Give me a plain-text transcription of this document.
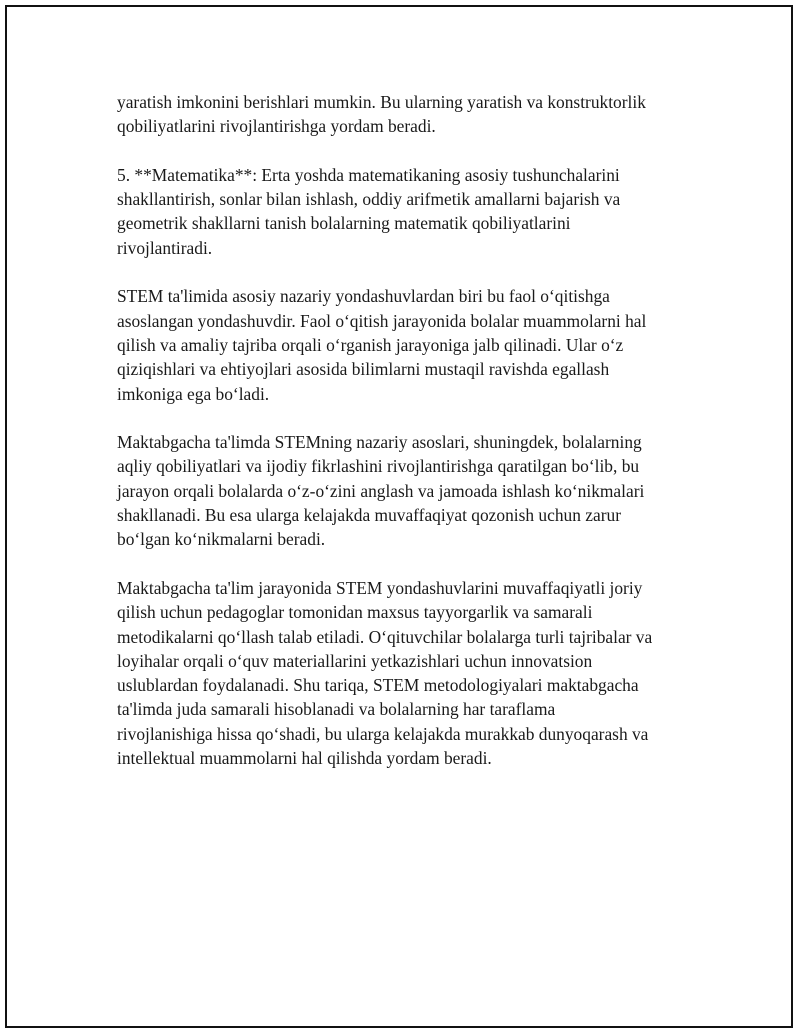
yaratish imkonini berishlari mumkin. Bu ularning yaratish va konstruktorlik
qobiliyatlarini rivojlantirishga yordam beradi.

5. **Matematika**: Erta yoshda matematikaning asosiy tushunchalarini
shakllantirish, sonlar bilan ishlash, oddiy arifmetik amallarni bajarish va
geometrik shakllarni tanish bolalarning matematik qobiliyatlarini
rivojlantiradi.

STEM ta'limida asosiy nazariy yondashuvlardan biri bu faol oʻqitishga
asoslangan yondashuvdir. Faol oʻqitish jarayonida bolalar muammolarni hal
qilish va amaliy tajriba orqali oʻrganish jarayoniga jalb qilinadi. Ular oʻz
qiziqishlari va ehtiyojlari asosida bilimlarni mustaqil ravishda egallash
imkoniga ega boʻladi.

Maktabgacha ta'limda STEMning nazariy asoslari, shuningdek, bolalarning
aqliy qobiliyatlari va ijodiy fikrlashini rivojlantirishga qaratilgan boʻlib, bu
jarayon orqali bolalarda oʻz-oʻzini anglash va jamoada ishlash koʻnikmalari
shakllanadi. Bu esa ularga kelajakda muvaffaqiyat qozonish uchun zarur
boʻlgan koʻnikmalarni beradi.

Maktabgacha ta'lim jarayonida STEM yondashuvlarini muvaffaqiyatli joriy
qilish uchun pedagoglar tomonidan maxsus tayyorgarlik va samarali
metodikalarni qoʻllash talab etiladi. Oʻqituvchilar bolalarga turli tajribalar va
loyihalar orqali oʻquv materiallarini yetkazishlari uchun innovatsion
uslublardan foydalanadi. Shu tariqa, STEM metodologiyalari maktabgacha
ta'limda juda samarali hisoblanadi va bolalarning har taraflama
rivojlanishiga hissa qoʻshadi, bu ularga kelajakda murakkab dunyoqarash va
intellektual muammolarni hal qilishda yordam beradi.
